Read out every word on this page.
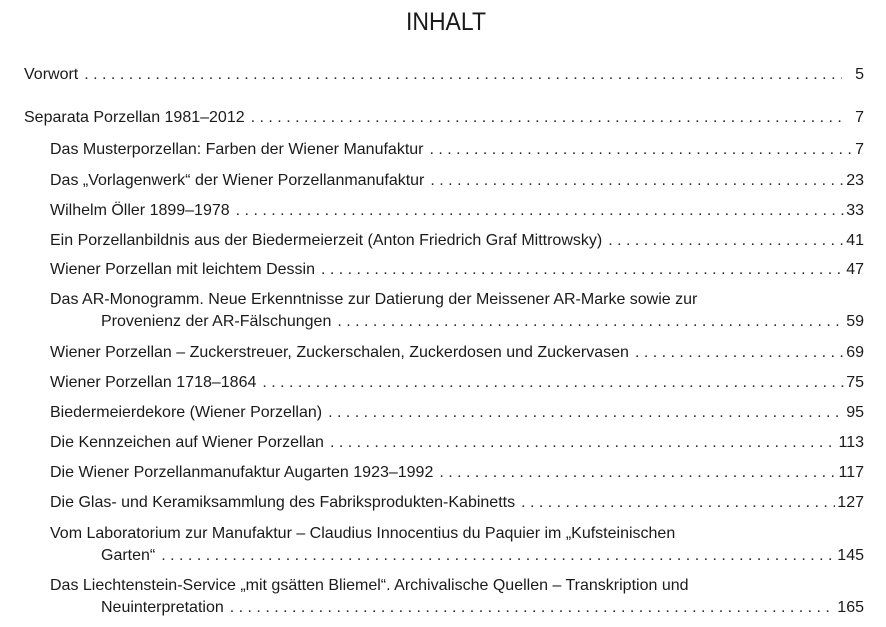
INHALT
Vorwort . . .	5
Separata Porzellan 1981–2012 . . .	7
Das Musterporzellan: Farben der Wiener Manufaktur . . .	7
Das „Vorlagenwerk“ der Wiener Porzellanmanufaktur . . .	23
Wilhelm Öller 1899–1978 . . .	33
Ein Porzellanbildnis aus der Biedermeierzeit (Anton Friedrich Graf Mittrowsky) . . .	41
Wiener Porzellan mit leichtem Dessin . . .	47
Das AR-Monogramm. Neue Erkenntnisse zur Datierung der Meissener AR-Marke sowie zur
Provenienz der AR-Fälschungen . . .	59
Wiener Porzellan – Zuckerstreuer, Zuckerschalen, Zuckerdosen und Zuckervasen . . .	69
Wiener Porzellan 1718–1864 . . .	75
Biedermeierdekore (Wiener Porzellan) . . .	95
Die Kennzeichen auf Wiener Porzellan . . .	113
Die Wiener Porzellanmanufaktur Augarten 1923–1992 . . .	117
Die Glas- und Keramiksammlung des Fabriksprodukten-Kabinetts . . .	127
Vom Laboratorium zur Manufaktur – Claudius Innocentius du Paquier im „Kufsteinischen
Garten“ . . .	145
Das Liechtenstein-Service „mit gsätten Bliemel“. Archivalische Quellen – Transkription und
Neuinterpretation . . .	165
